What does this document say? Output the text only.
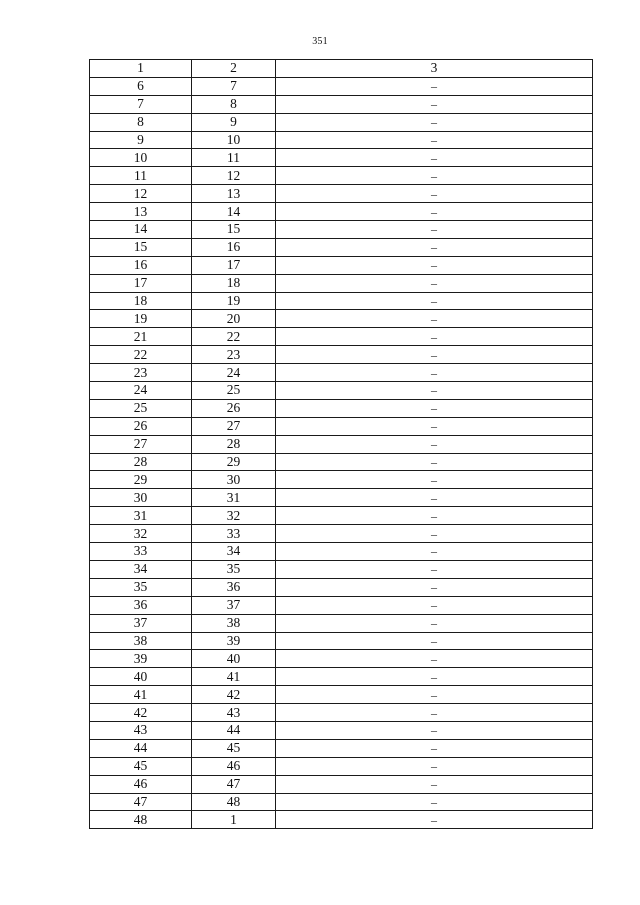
351
1	2	3
6	7	–
7	8	–
8	9	–
9	10	–
10	11	–
11	12	–
12	13	–
13	14	–
14	15	–
15	16	–
16	17	–
17	18	–
18	19	–
19	20	–
21	22	–
22	23	–
23	24	–
24	25	–
25	26	–
26	27	–
27	28	–
28	29	–
29	30	–
30	31	–
31	32	–
32	33	–
33	34	–
34	35	–
35	36	–
36	37	–
37	38	–
38	39	–
39	40	–
40	41	–
41	42	–
42	43	–
43	44	–
44	45	–
45	46	–
46	47	–
47	48	–
48	1	–
